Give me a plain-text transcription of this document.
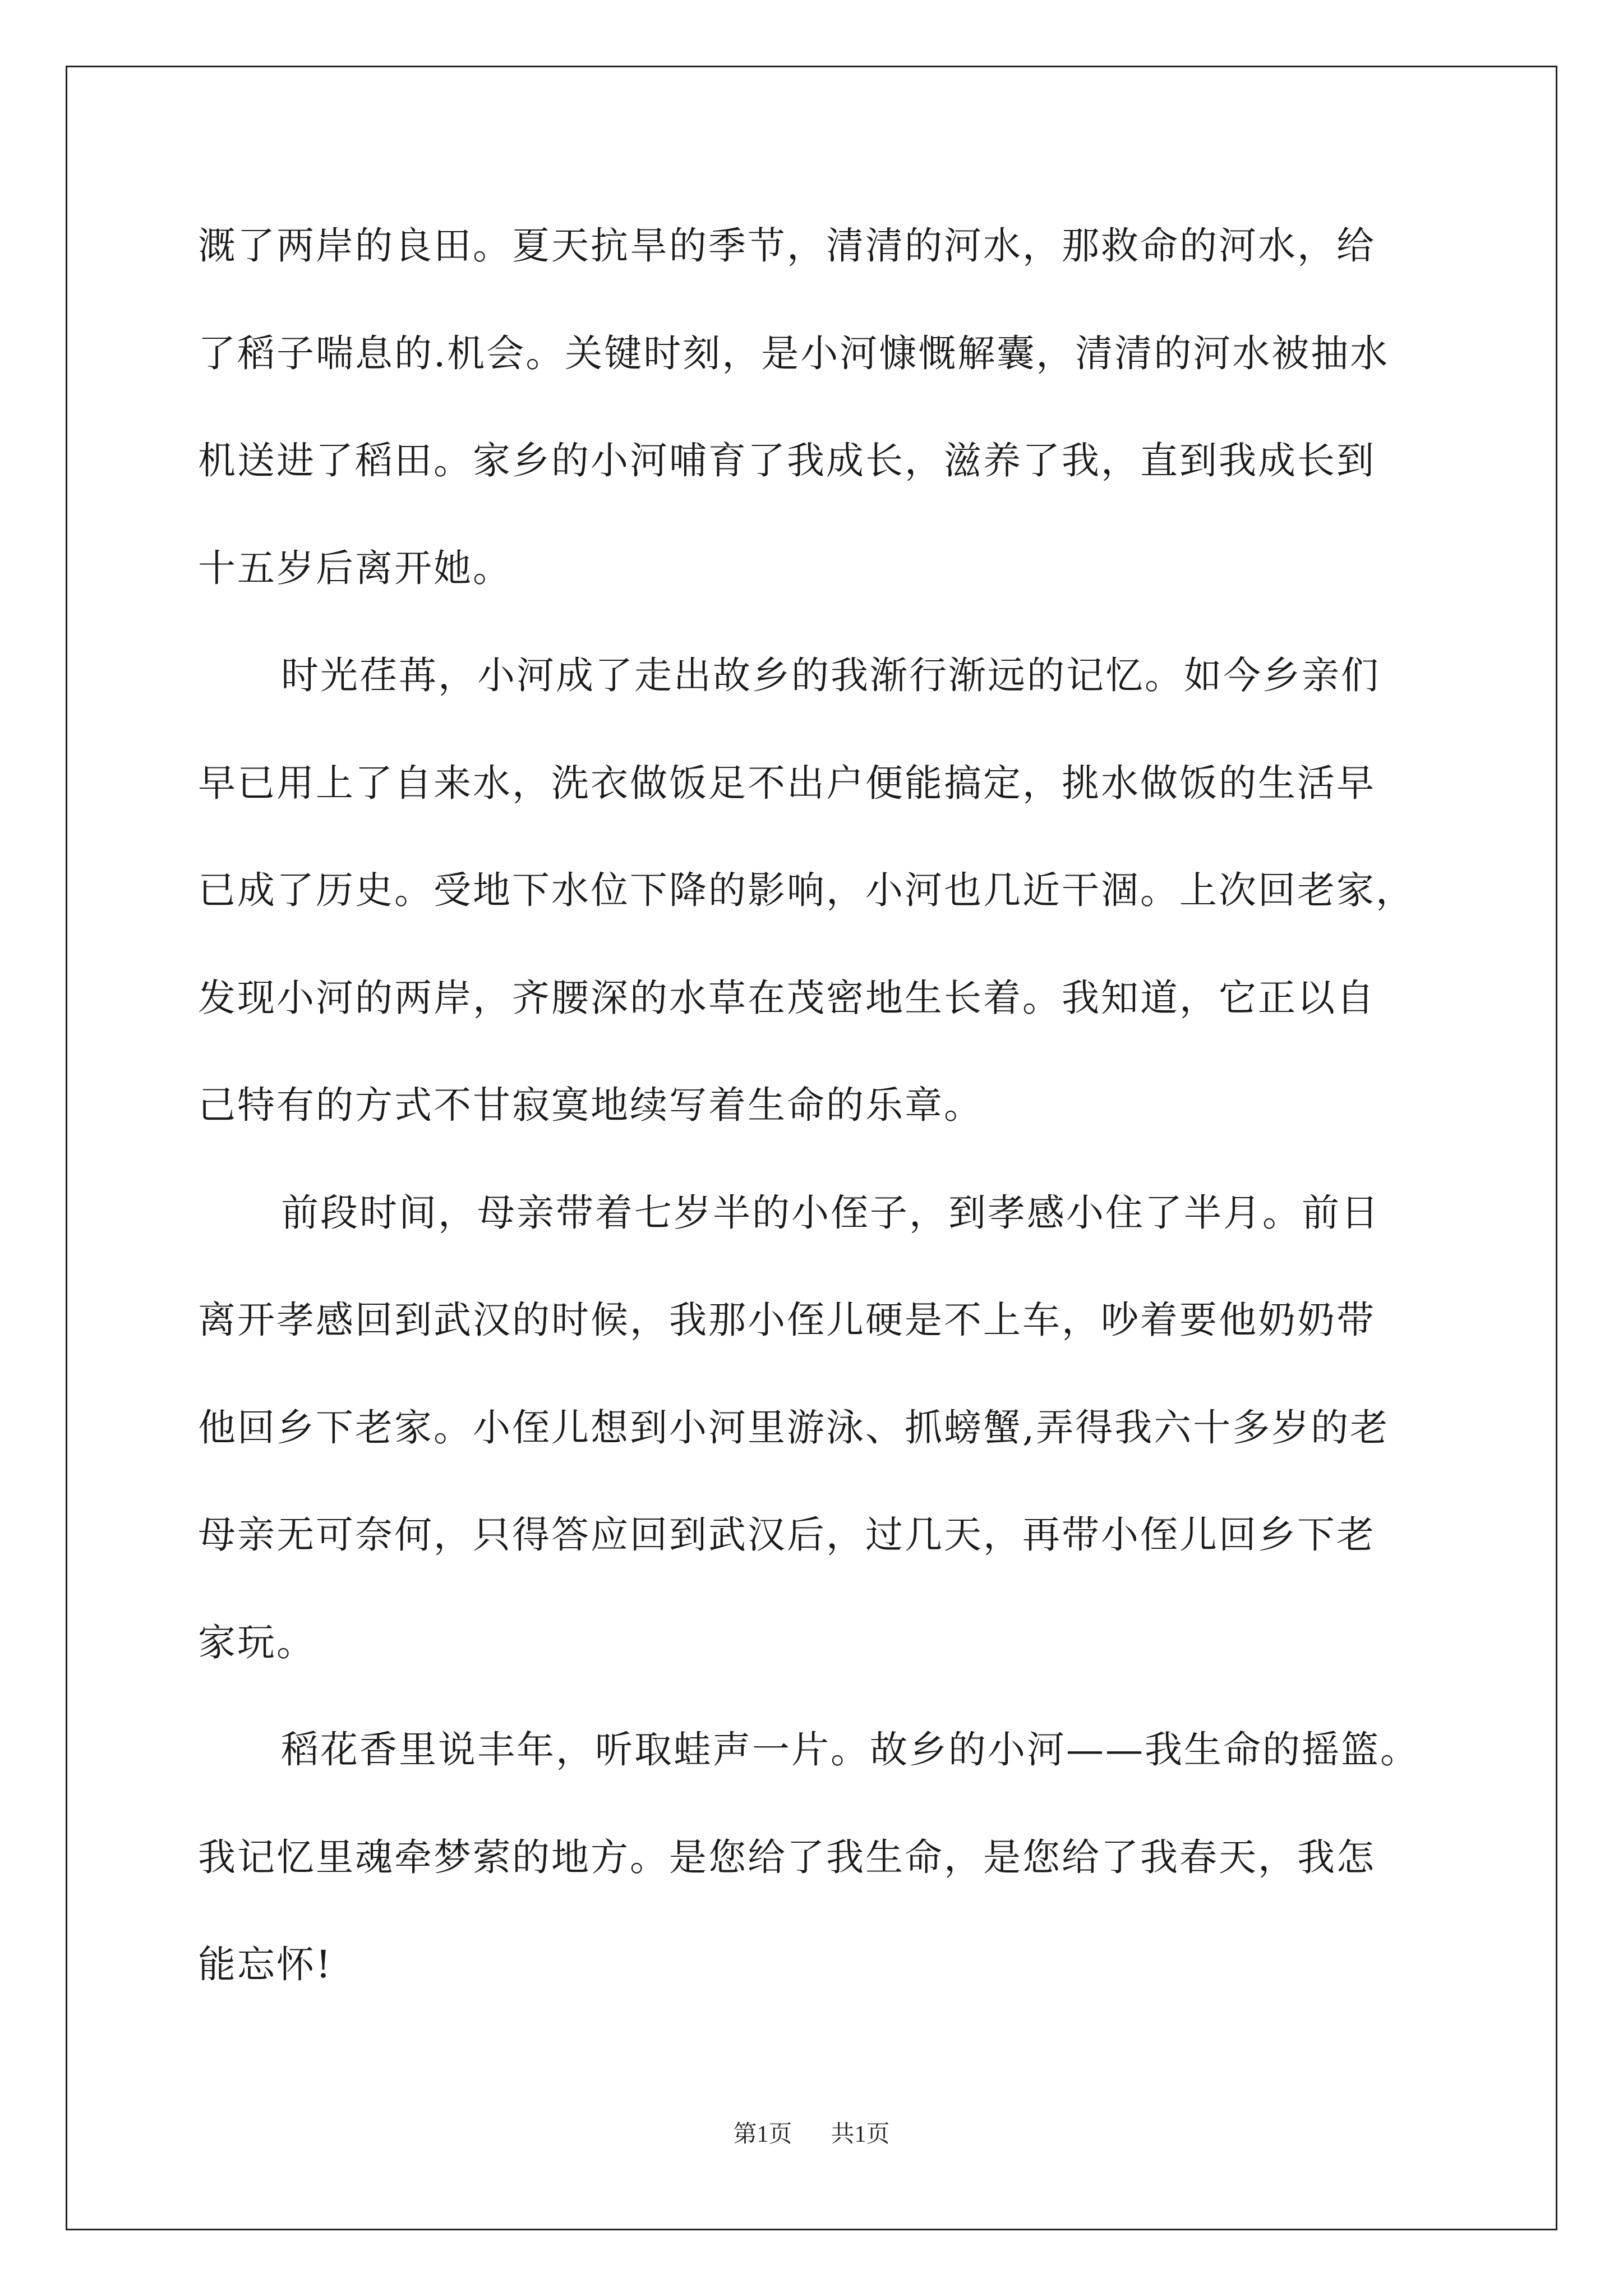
溉了两岸的良田。夏天抗旱的季节，清清的河水，那救命的河水，给
了稻子喘息的.机会。关键时刻，是小河慷慨解囊，清清的河水被抽水
机送进了稻田。家乡的小河哺育了我成长，滋养了我，直到我成长到
十五岁后离开她。
时光荏苒，小河成了走出故乡的我渐行渐远的记忆。如今乡亲们
早已用上了自来水，洗衣做饭足不出户便能搞定，挑水做饭的生活早
已成了历史。受地下水位下降的影响，小河也几近干涸。上次回老家，
发现小河的两岸，齐腰深的水草在茂密地生长着。我知道，它正以自
己特有的方式不甘寂寞地续写着生命的乐章。
前段时间，母亲带着七岁半的小侄子，到孝感小住了半月。前日
离开孝感回到武汉的时候，我那小侄儿硬是不上车，吵着要他奶奶带
他回乡下老家。小侄儿想到小河里游泳、抓螃蟹,弄得我六十多岁的老
母亲无可奈何，只得答应回到武汉后，过几天，再带小侄儿回乡下老
家玩。
稻花香里说丰年，听取蛙声一片。故乡的小河——我生命的摇篮。
我记忆里魂牵梦萦的地方。是您给了我生命，是您给了我春天，我怎
能忘怀!
第1页 共1页
